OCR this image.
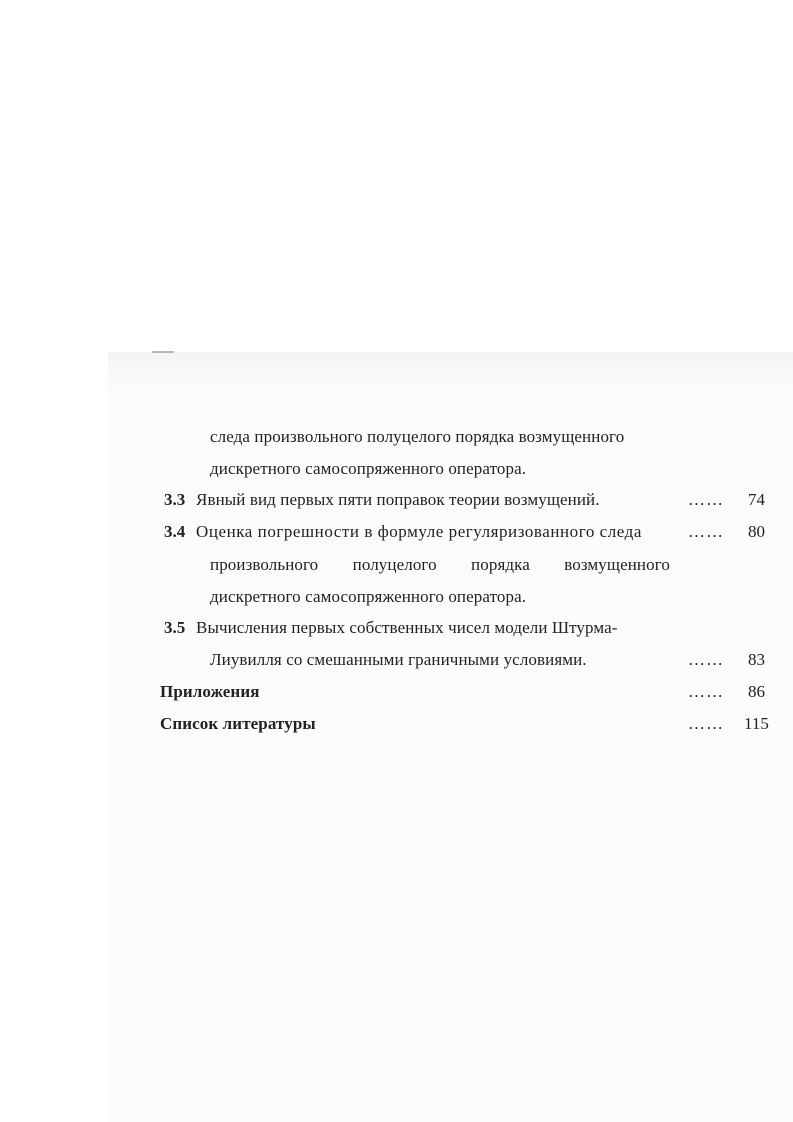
следа произвольного полуцелого порядка возмущенного
дискретного самосопряженного оператора.
3.3 Явный вид первых пяти поправок теории возмущений.	…… 74
3.4 Оценка погрешности в формуле регуляризованного следа	…… 80
произвольного полуцелого порядка возмущенного
дискретного самосопряженного оператора.
3.5 Вычисления первых собственных чисел модели Штурма-
Лиувилля со смешанными граничными условиями.	…… 83
Приложения	…… 86
Список литературы	…… 115
